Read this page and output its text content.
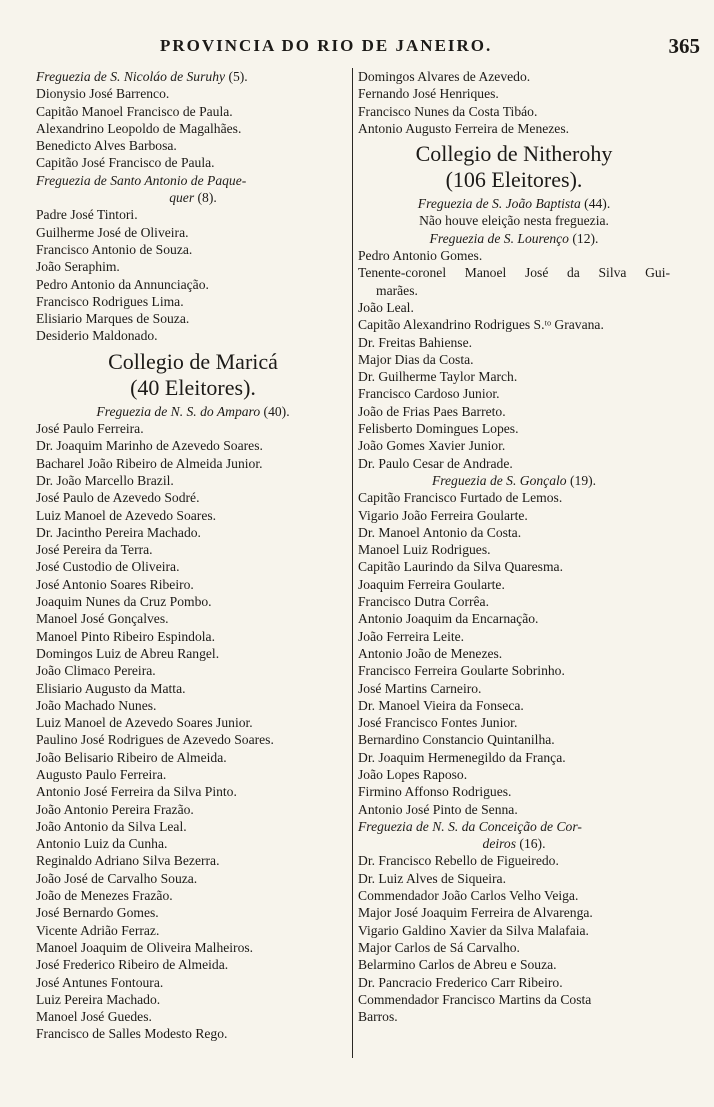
PROVINCIA DO RIO DE JANEIRO.	365
Freguezia de S. Nicoláo de Suruhy (5).
Dionysio José Barrenco.
Capitão Manoel Francisco de Paula.
Alexandrino Leopoldo de Magalhães.
Benedicto Alves Barbosa.
Capitão José Francisco de Paula.
Freguezia de Santo Antonio de Paque-
quer (8).
Padre José Tintori.
Guilherme José de Oliveira.
Francisco Antonio de Souza.
João Seraphim.
Pedro Antonio da Annunciação.
Francisco Rodrigues Lima.
Elisiario Marques de Souza.
Desiderio Maldonado.
Collegio de Maricá
(40 Eleitores).
Freguezia de N. S. do Amparo (40).
José Paulo Ferreira.
Dr. Joaquim Marinho de Azevedo Soares.
Bacharel João Ribeiro de Almeida Junior.
Dr. João Marcello Brazil.
José Paulo de Azevedo Sodré.
Luiz Manoel de Azevedo Soares.
Dr. Jacintho Pereira Machado.
José Pereira da Terra.
José Custodio de Oliveira.
José Antonio Soares Ribeiro.
Joaquim Nunes da Cruz Pombo.
Manoel José Gonçalves.
Manoel Pinto Ribeiro Espindola.
Domingos Luiz de Abreu Rangel.
João Climaco Pereira.
Elisiario Augusto da Matta.
João Machado Nunes.
Luiz Manoel de Azevedo Soares Junior.
Paulino José Rodrigues de Azevedo Soares.
João Belisario Ribeiro de Almeida.
Augusto Paulo Ferreira.
Antonio José Ferreira da Silva Pinto.
João Antonio Pereira Frazão.
João Antonio da Silva Leal.
Antonio Luiz da Cunha.
Reginaldo Adriano Silva Bezerra.
João José de Carvalho Souza.
João de Menezes Frazão.
José Bernardo Gomes.
Vicente Adrião Ferraz.
Manoel Joaquim de Oliveira Malheiros.
José Frederico Ribeiro de Almeida.
José Antunes Fontoura.
Luiz Pereira Machado.
Manoel José Guedes.
Francisco de Salles Modesto Rego.
Domingos Alvares de Azevedo.
Fernando José Henriques.
Francisco Nunes da Costa Tibáo.
Antonio Augusto Ferreira de Menezes.
Collegio de Nitherohy
(106 Eleitores).
Freguezia de S. João Baptista (44).
Não houve eleição nesta freguezia.
Freguezia de S. Lourenço (12).
Pedro Antonio Gomes.
Tenente-coronel Manoel José da Silva Gui-
marães.
João Leal.
Capitão Alexandrino Rodrigues S.ᵗᵒ Gravana.
Dr. Freitas Bahiense.
Major Dias da Costa.
Dr. Guilherme Taylor March.
Francisco Cardoso Junior.
João de Frias Paes Barreto.
Felisberto Domingues Lopes.
João Gomes Xavier Junior.
Dr. Paulo Cesar de Andrade.
Freguezia de S. Gonçalo (19).
Capitão Francisco Furtado de Lemos.
Vigario João Ferreira Goularte.
Dr. Manoel Antonio da Costa.
Manoel Luiz Rodrigues.
Capitão Laurindo da Silva Quaresma.
Joaquim Ferreira Goularte.
Francisco Dutra Corrêa.
Antonio Joaquim da Encarnação.
João Ferreira Leite.
Antonio João de Menezes.
Francisco Ferreira Goularte Sobrinho.
José Martins Carneiro.
Dr. Manoel Vieira da Fonseca.
José Francisco Fontes Junior.
Bernardino Constancio Quintanilha.
Dr. Joaquim Hermenegildo da França.
João Lopes Raposo.
Firmino Affonso Rodrigues.
Antonio José Pinto de Senna.
Freguezia de N. S. da Conceição de Cor-
deiros (16).
Dr. Francisco Rebello de Figueiredo.
Dr. Luiz Alves de Siqueira.
Commendador João Carlos Velho Veiga.
Major José Joaquim Ferreira de Alvarenga.
Vigario Galdino Xavier da Silva Malafaia.
Major Carlos de Sá Carvalho.
Belarmino Carlos de Abreu e Souza.
Dr. Pancracio Frederico Carr Ribeiro.
Commendador Francisco Martins da Costa
Barros.
